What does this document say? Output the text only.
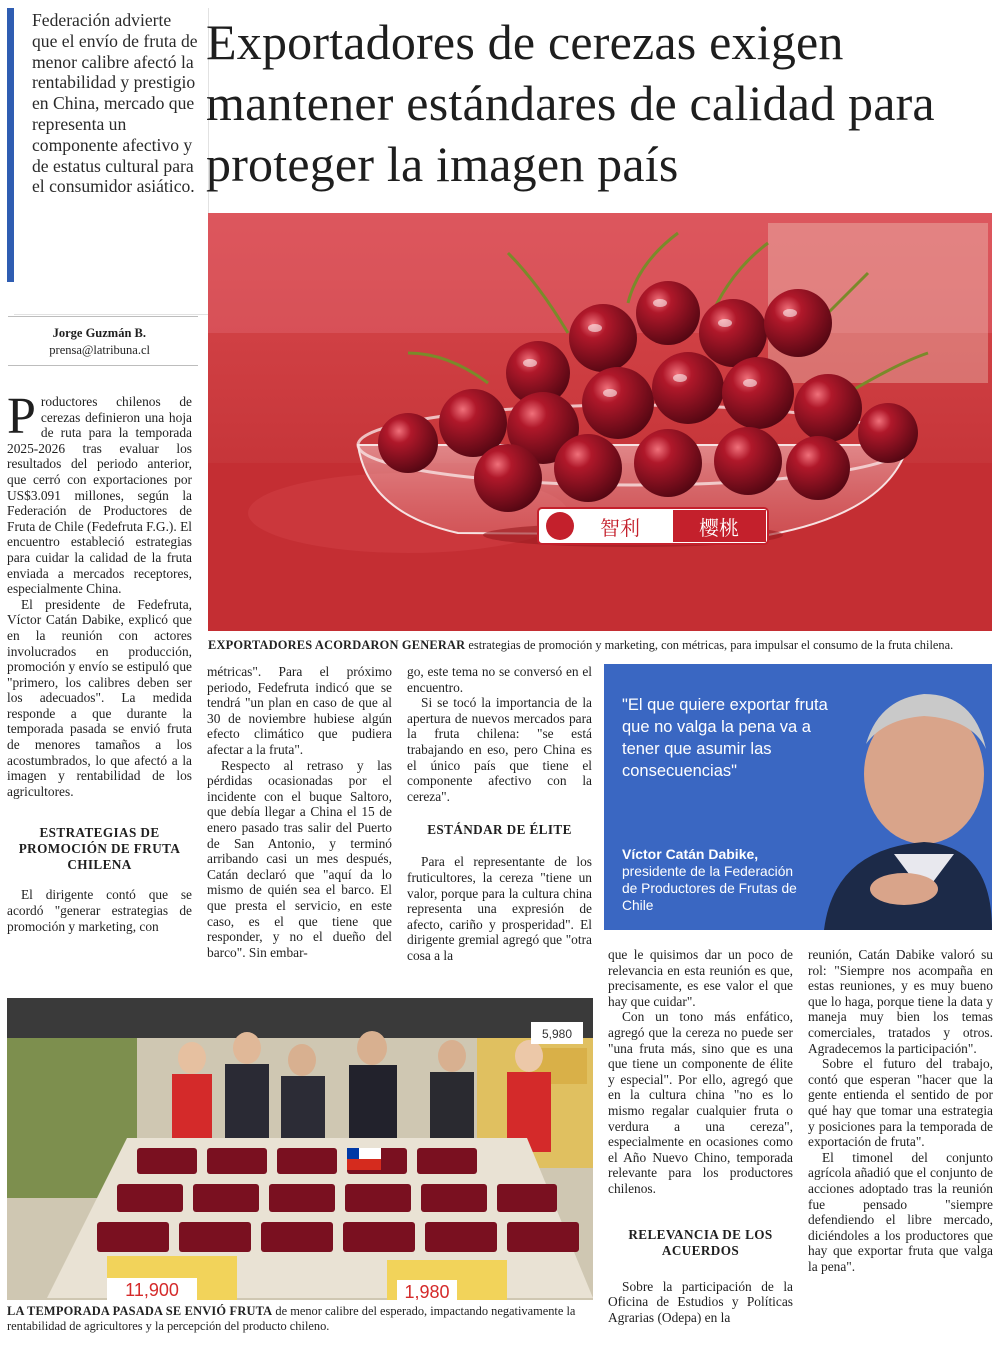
Federación advierte que el envío de fruta de menor calibre afectó la rentabilidad y prestigio en China, mercado que representa un componente afectivo y de estatus cultural para el consumidor asiático.
Exportadores de cerezas exigen mantener estándares de calidad para proteger la imagen país
Jorge Guzmán B.
prensa@latribuna.cl
智利	樱桃
EXPORTADORES ACORDARON GENERAR estrategias de promoción y marketing, con métricas, para impulsar el consumo de la fruta chilena.
"El que quiere exportar fruta que no valga la pena va a tener que asumir las consecuencias"
Víctor Catán Dabike,
presidente de la Federación de Productores de Frutas de Chile

Productores chilenos de cerezas definieron una hoja de ruta para la temporada 2025-2026 tras evaluar los resultados del periodo anterior, que cerró con exportaciones por US$3.091 millones, según la Federación de Productores de Fruta de Chile (Fedefruta F.G.). El encuentro estableció estrategias para cuidar la calidad de la fruta enviada a mercados receptores, especialmente China.

El presidente de Fedefruta, Víctor Catán Dabike, explicó que en la reunión con actores involucrados en producción, promoción y envío se estipuló que "primero, los calibres deben ser los adecuados". La medida responde a que durante la temporada pasada se envió fruta de menores tamaños a los acostumbrados, lo que afectó a la imagen y rentabilidad de los agricultores.

ESTRATEGIAS DE PROMOCIÓN DE FRUTA CHILENA

El dirigente contó que se acordó "generar estrategias de promoción y marketing, con

métricas". Para el próximo periodo, Fedefruta indicó que se tendrá "un plan en caso de que al 30 de noviembre hubiese algún efecto climático que pudiera afectar a la fruta".

Respecto al retraso y las pérdidas ocasionadas por el incidente con el buque Saltoro, que debía llegar a China el 15 de enero pasado tras salir del Puerto de San Antonio, y terminó arribando casi un mes después, Catán declaró que "aquí da lo mismo de quién sea el barco. El que presta el servicio, en este caso, es el que tiene que responder, y no el dueño del barco". Sin embar-

go, este tema no se conversó en el encuentro.

Si se tocó la importancia de la apertura de nuevos mercados para la fruta chilena: "se está trabajando en eso, pero China es el único país que tiene el componente afectivo con la cereza".

ESTÁNDAR DE ÉLITE

Para el representante de los fruticultores, la cereza "tiene un valor, porque para la cultura china representa una expresión de afecto, cariño y prosperidad". El dirigente gremial agregó que "otra cosa a la	que le quisimos dar un poco de relevancia en esta reunión es que, precisamente, es ese valor el que hay que cuidar".

Con un tono más enfático, agregó que la cereza no puede ser "una fruta más, sino que es una que tiene un componente de élite y especial". Por ello, agregó que en la cultura china "no es lo mismo regalar cualquier fruta o verdura a una cereza", especialmente en ocasiones como el Año Nuevo Chino, temporada relevante para los productores chilenos.

RELEVANCIA DE LOS ACUERDOS

Sobre la participación de la Oficina de Estudios y Políticas Agrarias (Odepa) en la

reunión, Catán Dabike valoró su rol: "Siempre nos acompaña en estas reuniones, y es muy bueno que lo haga, porque tiene la data y maneja muy bien los temas comerciales, tratados y otros. Agradecemos la participación".

Sobre el futuro del trabajo, contó que esperan "hacer que la gente entienda el sentido de por qué hay que tomar una estrategia y posiciones para la temporada de exportación de fruta".

El timonel del conjunto agrícola añadió que el conjunto de acciones adoptado tras la reunión fue pensado "siempre defendiendo el libre mercado, diciéndoles a los productores que hay que exportar fruta que valga la pena".

11,900	1,980
5,980
LA TEMPORADA PASADA SE ENVIÓ FRUTA de menor calibre del esperado, impactando negativamente la rentabilidad de agricultores y la percepción del producto chileno.
